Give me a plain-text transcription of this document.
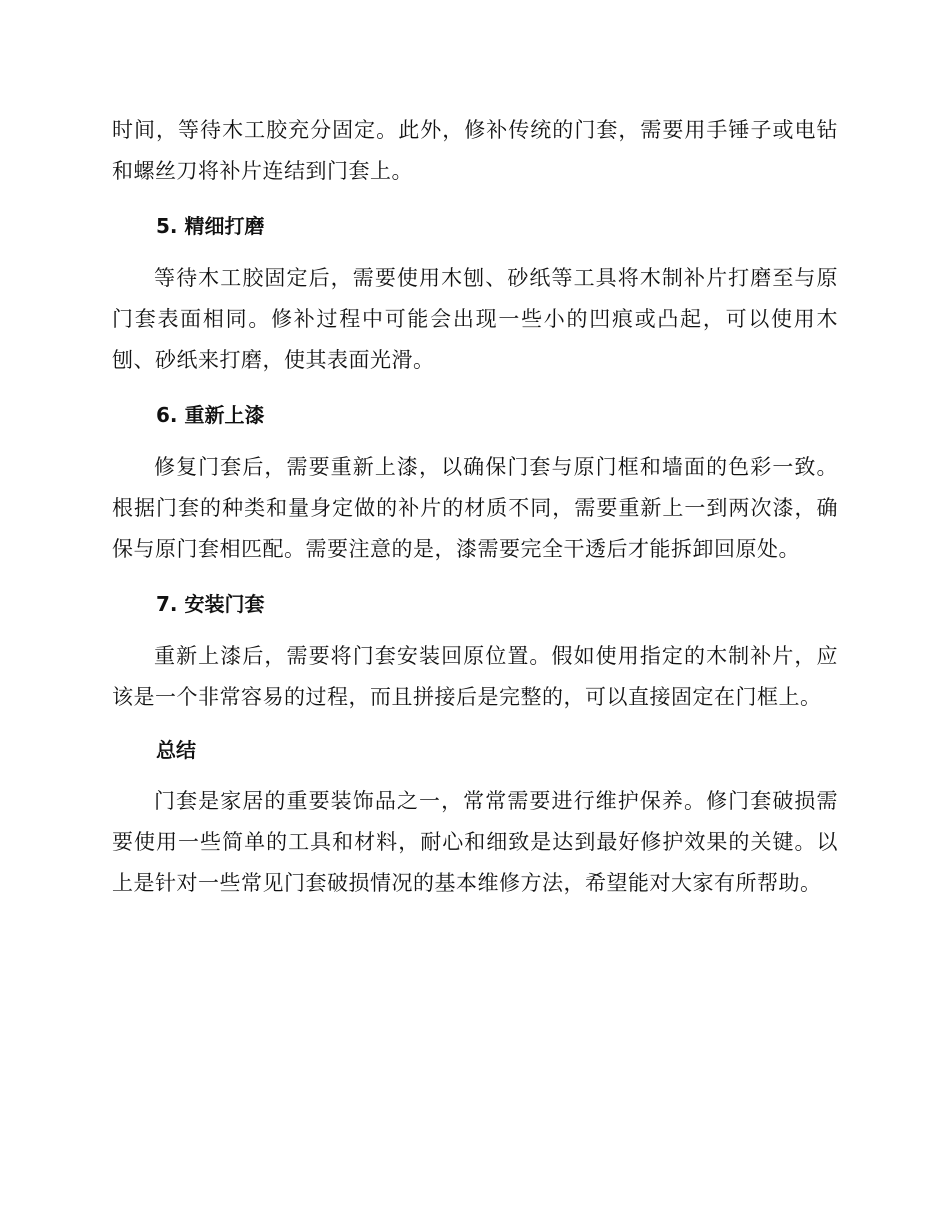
时间，等待木工胶充分固定。此外，修补传统的门套，需要用手锤子或电钻和螺丝刀将补片连结到门套上。

5. 精细打磨

等待木工胶固定后，需要使用木刨、砂纸等工具将木制补片打磨至与原门套表面相同。修补过程中可能会出现一些小的凹痕或凸起，可以使用木刨、砂纸来打磨，使其表面光滑。

6. 重新上漆

修复门套后，需要重新上漆，以确保门套与原门框和墙面的色彩一致。根据门套的种类和量身定做的补片的材质不同，需要重新上一到两次漆，确保与原门套相匹配。需要注意的是，漆需要完全干透后才能拆卸回原处。

7. 安装门套

重新上漆后，需要将门套安装回原位置。假如使用指定的木制补片，应该是一个非常容易的过程，而且拼接后是完整的，可以直接固定在门框上。

总结

门套是家居的重要装饰品之一，常常需要进行维护保养。修门套破损需要使用一些简单的工具和材料，耐心和细致是达到最好修护效果的关键。以上是针对一些常见门套破损情况的基本维修方法，希望能对大家有所帮助。
